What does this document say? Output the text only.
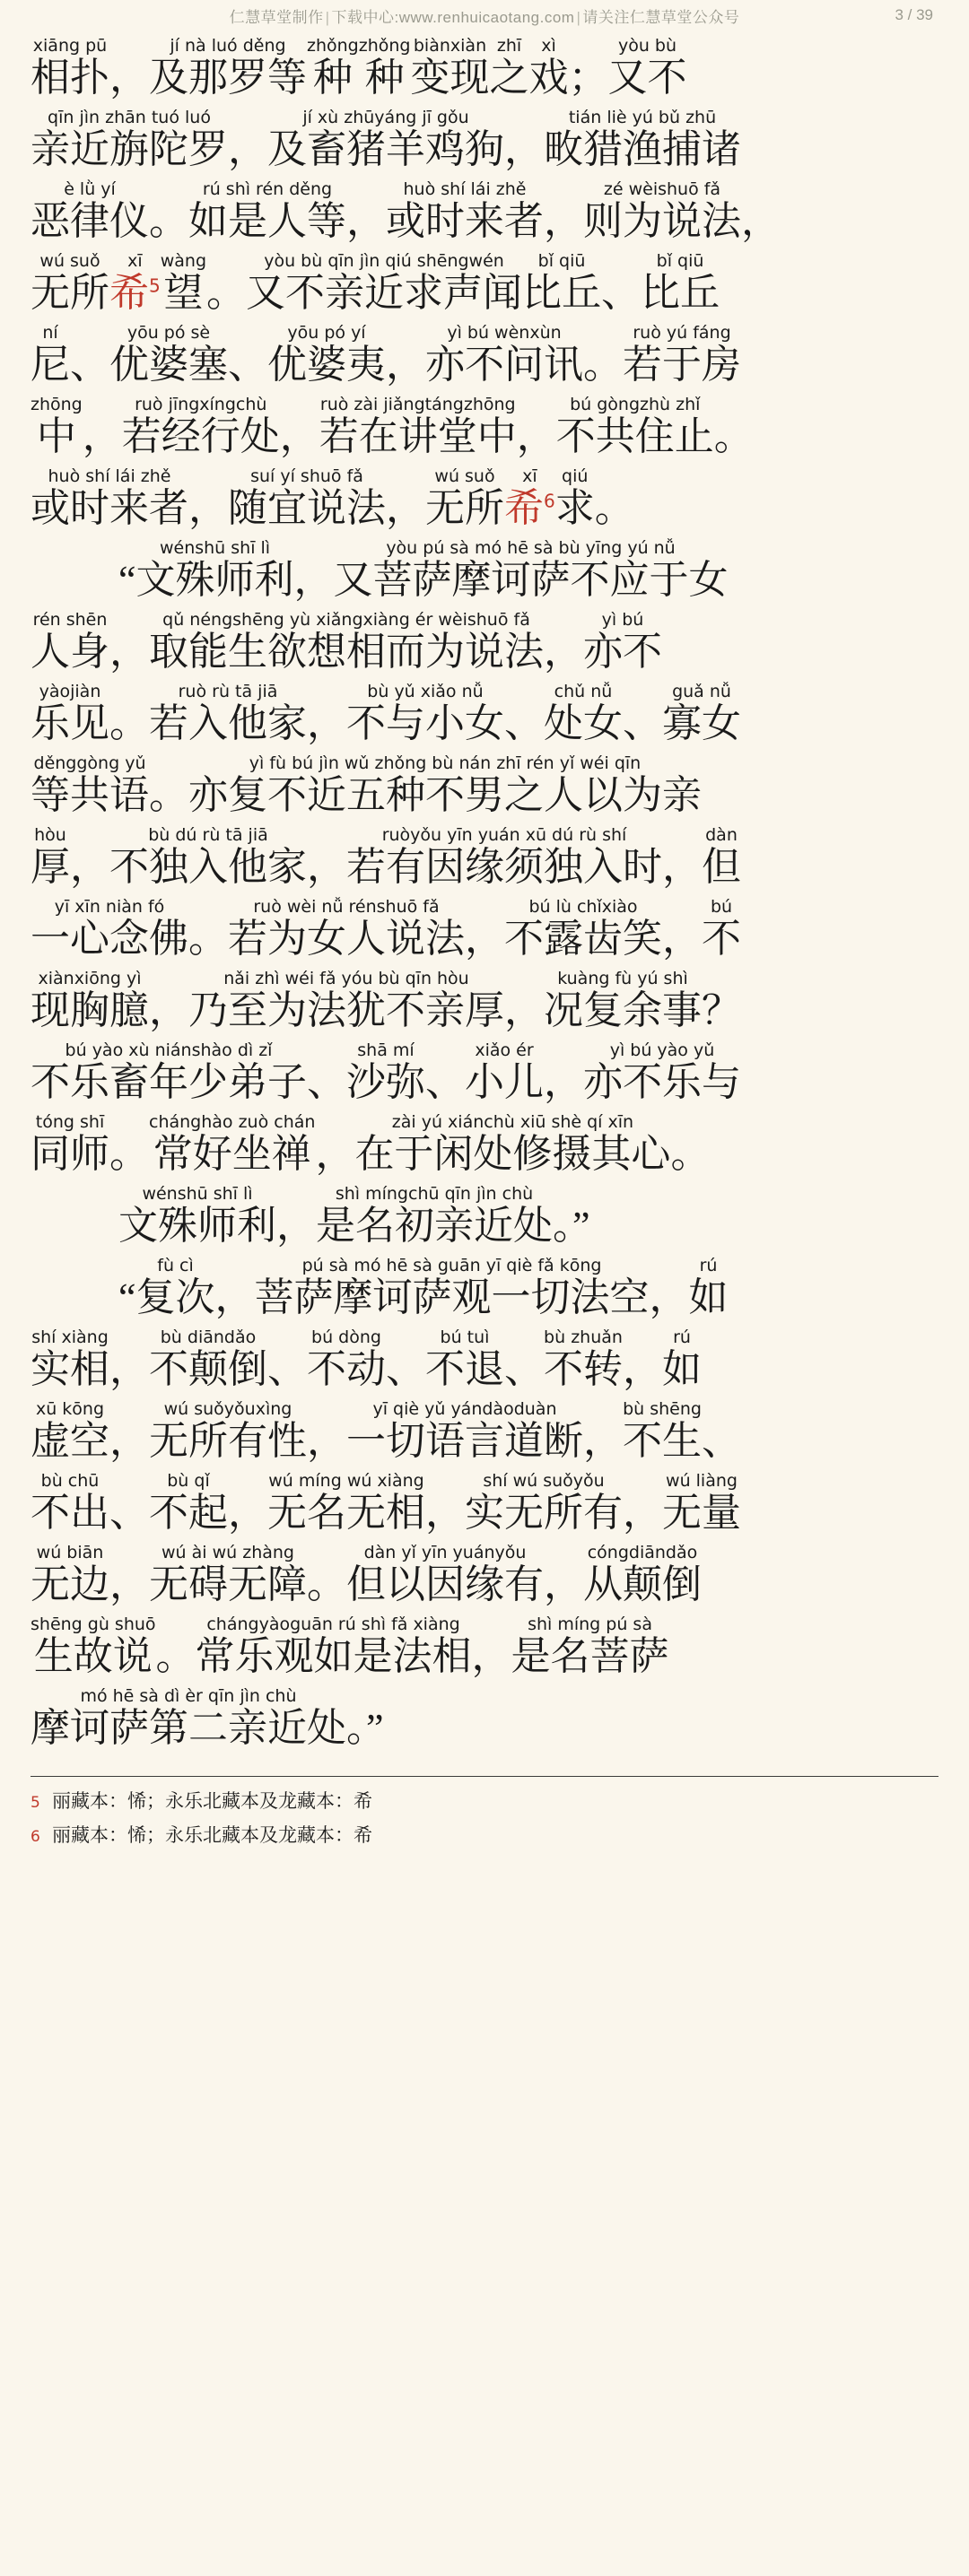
仁慧草堂制作 | 下载中心:www.renhuicaotang.com | 请关注仁慧草堂公众号	3 / 39
xiāng pū
相扑 ，
jí nà luó děng
及那罗等
zhǒng
种
zhǒng
种
biànxiàn
变现
zhī
之
xì
戏 ；
yòu bù
又不
qīn jìn zhān tuó luó
亲近旃陀罗 ，
jí xù zhūyáng jī gǒu
及畜猪羊鸡狗 ，
tián liè yú bǔ zhū
畋猎渔捕诸
è lǜ yí
恶律仪 。
rú shì rén děng
如是人等 ，
huò shí lái zhě
或时来者 ，
zé wèishuō fǎ
则为说法 ，
wú suǒ
无所
xī
希$^5$
wàng
望 。
yòu bù qīn jìn qiú shēngwén
又不亲近求声闻
bǐ qiū
比丘 、
bǐ qiū
比丘
ní
尼 、
yōu pó sè
优婆塞 、
yōu pó yí
优婆夷 ，
yì bú wènxùn
亦不问讯 。
ruò yú fáng
若于房
zhōng
中 ，
ruò jīngxíngchù
若经行处 ，
ruò zài jiǎngtángzhōng
若在讲堂中 ，
bú gòngzhù zhǐ
不共住止 。
huò shí lái zhě
或时来者 ，
suí yí shuō fǎ
随宜说法 ，
wú suǒ
无所
xī
希$^6$
qiú
求 。
“
wénshū shī lì
文殊师利 ，
yòu pú sà mó hē sà bù yīng yú nǚ
又菩萨摩诃萨不应于女
rén shēn
人身 ，
qǔ néngshēng yù xiǎngxiàng ér wèishuō fǎ
取能生欲想相而为说法 ，
yì bú
亦不
yàojiàn
乐见 。
ruò rù tā jiā
若入他家 ，
bù yǔ xiǎo nǚ
不与小女 、
chǔ nǚ
处女 、
guǎ nǚ
寡女
děnggòng yǔ
等共语 。
yì fù bú jìn wǔ zhǒng bù nán zhī rén yǐ wéi qīn
亦复不近五种不男之人以为亲
hòu
厚 ，
bù dú rù tā jiā
不独入他家 ，
ruòyǒu yīn yuán xū dú rù shí
若有因缘须独入时 ，
dàn
但
yī xīn niàn fó
一心念佛 。
ruò wèi nǚ rénshuō fǎ
若为女人说法 ，
bú lù chǐxiào
不露齿笑 ，
bú
不
xiànxiōng yì
现胸臆 ，
nǎi zhì wéi fǎ yóu bù qīn hòu
乃至为法犹不亲厚 ，
kuàng fù yú shì
况复余事 ？
bú yào xù niánshào dì zǐ
不乐畜年少弟子 、
shā mí
沙弥 、
xiǎo ér
小儿 ，
yì bú yào yǔ
亦不乐与
tóng shī
同师 。
chánghào zuò chán
常好坐禅 ，
zài yú xiánchù xiū shè qí xīn
在于闲处修摄其心 。
wénshū shī lì
文殊师利 ，
shì míngchū qīn jìn chù
是名初亲近处 。”
“
fù cì
复次 ，
pú sà mó hē sà guān yī qiè fǎ kōng
菩萨摩诃萨观一切法空 ，
rú
如
shí xiàng
实相 ，
bù diāndǎo
不颠倒 、
bú dòng
不动 、
bú tuì
不退 、
bù zhuǎn
不转 ，
rú
如
xū kōng
虚空 ，
wú suǒyǒuxìng
无所有性 ，
yī qiè yǔ yándàoduàn
一切语言道断 ，
bù shēng
不生 、
bù chū
不出 、
bù qǐ
不起 ，
wú míng wú xiàng
无名无相 ，
shí wú suǒyǒu
实无所有 ，
wú liàng
无量
wú biān
无边 ，
wú ài wú zhàng
无碍无障 。
dàn yǐ yīn yuányǒu
但以因缘有 ，
cóngdiāndǎo
从颠倒
shēng gù shuō
生故说 。
chángyàoguān rú shì fǎ xiàng
常乐观如是法相 ，
shì míng pú sà
是名菩萨
mó hē sà dì èr qīn jìn chù
摩诃萨第二亲近处 。”
5 丽藏本：悕；永乐北藏本及龙藏本：希
6 丽藏本：悕；永乐北藏本及龙藏本：希
